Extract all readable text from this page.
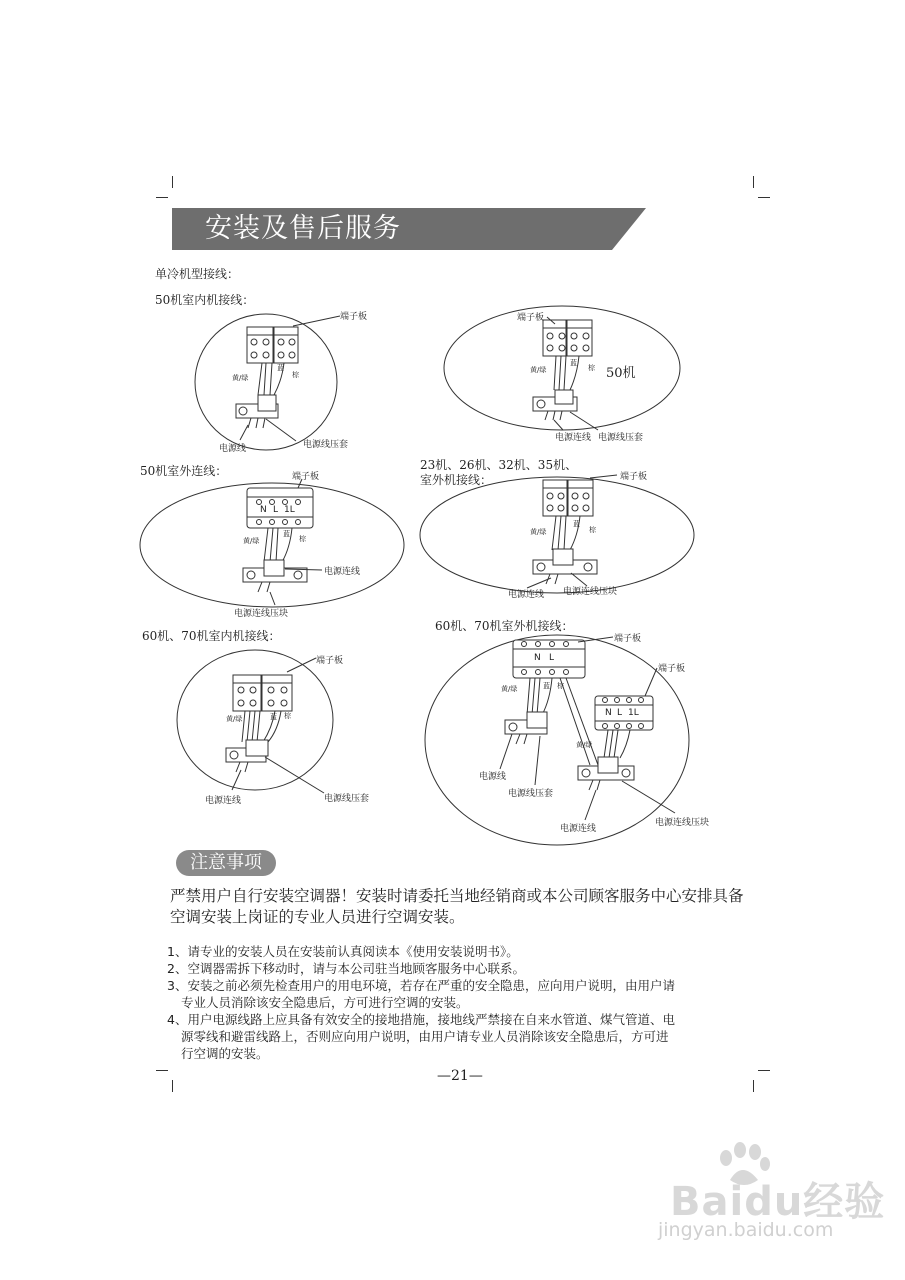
安装及售后服务
单冷机型接线：
50机室内机接线：
50机室外连线：	23机、26机、32机、35机、
室外机接线：
60机、70机室内机接线：
60机、70机室外机接线：
端子板
黄/绿
蓝
棕
电源线	电源线压套
端子板
黄/绿
蓝
棕 50机
电源连线 电源线压套
端子板
N L 1L
黄/绿
蓝
棕
电源连线
电源连线压块
端子板
黄/绿
蓝
棕
电源连线 电源连线压块
端子板
黄/绿	蓝 棕
电源连线	电源线压套
端子板
端子板
N L
N L 1L
黄/绿	蓝 棕
黄/绿
电源线
电源线压套
电源连线
电源连线压块
注意事项
严禁用户自行安装空调器！安装时请委托当地经销商或本公司顾客服务中心安排具备
空调安装上岗证的专业人员进行空调安装。
1、请专业的安装人员在安装前认真阅读本《使用安装说明书》。
2、空调器需拆下移动时，请与本公司驻当地顾客服务中心联系。
3、安装之前必须先检查用户的用电环境，若存在严重的安全隐患，应向用户说明，由用户请
专业人员消除该安全隐患后，方可进行空调的安装。
4、用户电源线路上应具备有效安全的接地措施，接地线严禁接在自来水管道、煤气管道、电
源零线和避雷线路上，否则应向用户说明，由用户请专业人员消除该安全隐患后，方可进
行空调的安装。
—21—
Baidu经验
jingyan.baidu.com
